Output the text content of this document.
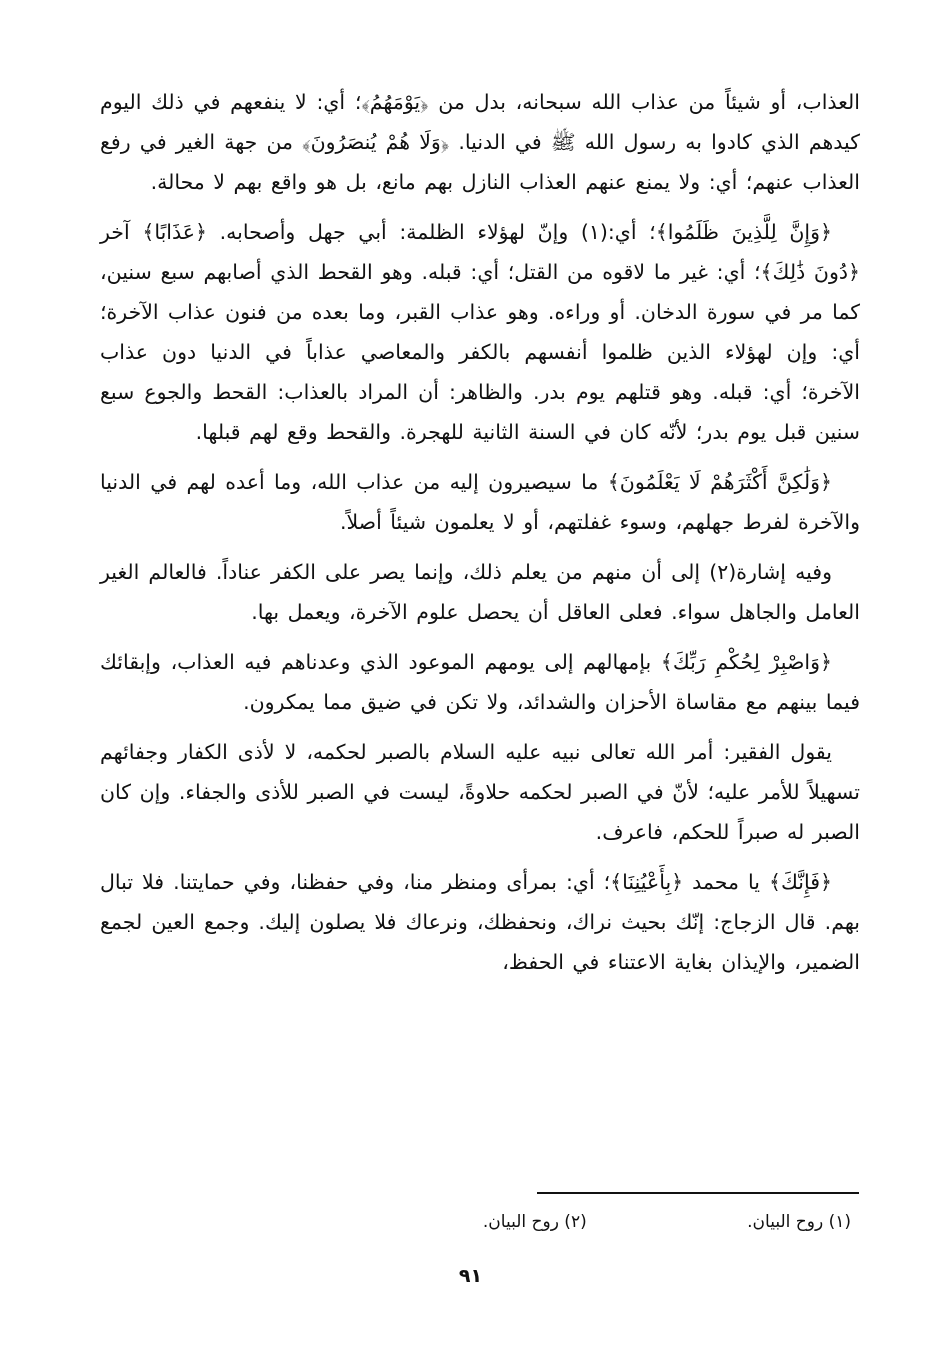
العذاب، أو شيئاً من عذاب الله سبحانه، بدل من ﴿يَوْمَهُمُ﴾؛ أي: لا ينفعهم في ذلك اليوم كيدهم الذي كادوا به رسول الله ﷺ في الدنيا. ﴿وَلَا هُمْ يُنصَرُونَ﴾ من جهة الغير في رفع العذاب عنهم؛ أي: ولا يمنع عنهم العذاب النازل بهم مانع، بل هو واقع بهم لا محالة.

﴿وَإِنَّ لِلَّذِينَ ظَلَمُوا﴾؛ أي:(١) وإنّ لهؤلاء الظلمة: أبي جهل وأصحابه. ﴿عَذَابًا﴾ آخر ﴿دُونَ ذَٰلِكَ﴾؛ أي: غير ما لاقوه من القتل؛ أي: قبله. وهو القحط الذي أصابهم سبع سنين، كما مر في سورة الدخان. أو وراءه. وهو عذاب القبر، وما بعده من فنون عذاب الآخرة؛ أي: وإن لهؤلاء الذين ظلموا أنفسهم بالكفر والمعاصي عذاباً في الدنيا دون عذاب الآخرة؛ أي: قبله. وهو قتلهم يوم بدر. والظاهر: أن المراد بالعذاب: القحط والجوع سبع سنين قبل يوم بدر؛ لأنّه كان في السنة الثانية للهجرة. والقحط وقع لهم قبلها.

﴿وَلَٰكِنَّ أَكْثَرَهُمْ لَا يَعْلَمُونَ﴾ ما سيصيرون إليه من عذاب الله، وما أعده لهم في الدنيا والآخرة لفرط جهلهم، وسوء غفلتهم، أو لا يعلمون شيئاً أصلاً.

وفيه إشارة(٢) إلى أن منهم من يعلم ذلك، وإنما يصر على الكفر عناداً. فالعالم الغير العامل والجاهل سواء. فعلى العاقل أن يحصل علوم الآخرة، ويعمل بها.

﴿وَاصْبِرْ لِحُكْمِ رَبِّكَ﴾ بإمهالهم إلى يومهم الموعود الذي وعدناهم فيه العذاب، وإبقائك فيما بينهم مع مقاساة الأحزان والشدائد، ولا تكن في ضيق مما يمكرون.

يقول الفقير: أمر الله تعالى نبيه عليه السلام بالصبر لحكمه، لا لأذى الكفار وجفائهم تسهيلاً للأمر عليه؛ لأنّ في الصبر لحكمه حلاوةً، ليست في الصبر للأذى والجفاء. وإن كان الصبر له صبراً للحكم، فاعرف.

﴿فَإِنَّكَ﴾ يا محمد ﴿بِأَعْيُنِنَا﴾؛ أي: بمرأى ومنظر منا، وفي حفظنا، وفي حمايتنا. فلا تبال بهم. قال الزجاج: إنّك بحيث نراك، ونحفظك، ونرعاك فلا يصلون إليك. وجمع العين لجمع الضمير، والإيذان بغاية الاعتناء في الحفظ،

(١) روح البيان. (٢) روح البيان.
٩١
